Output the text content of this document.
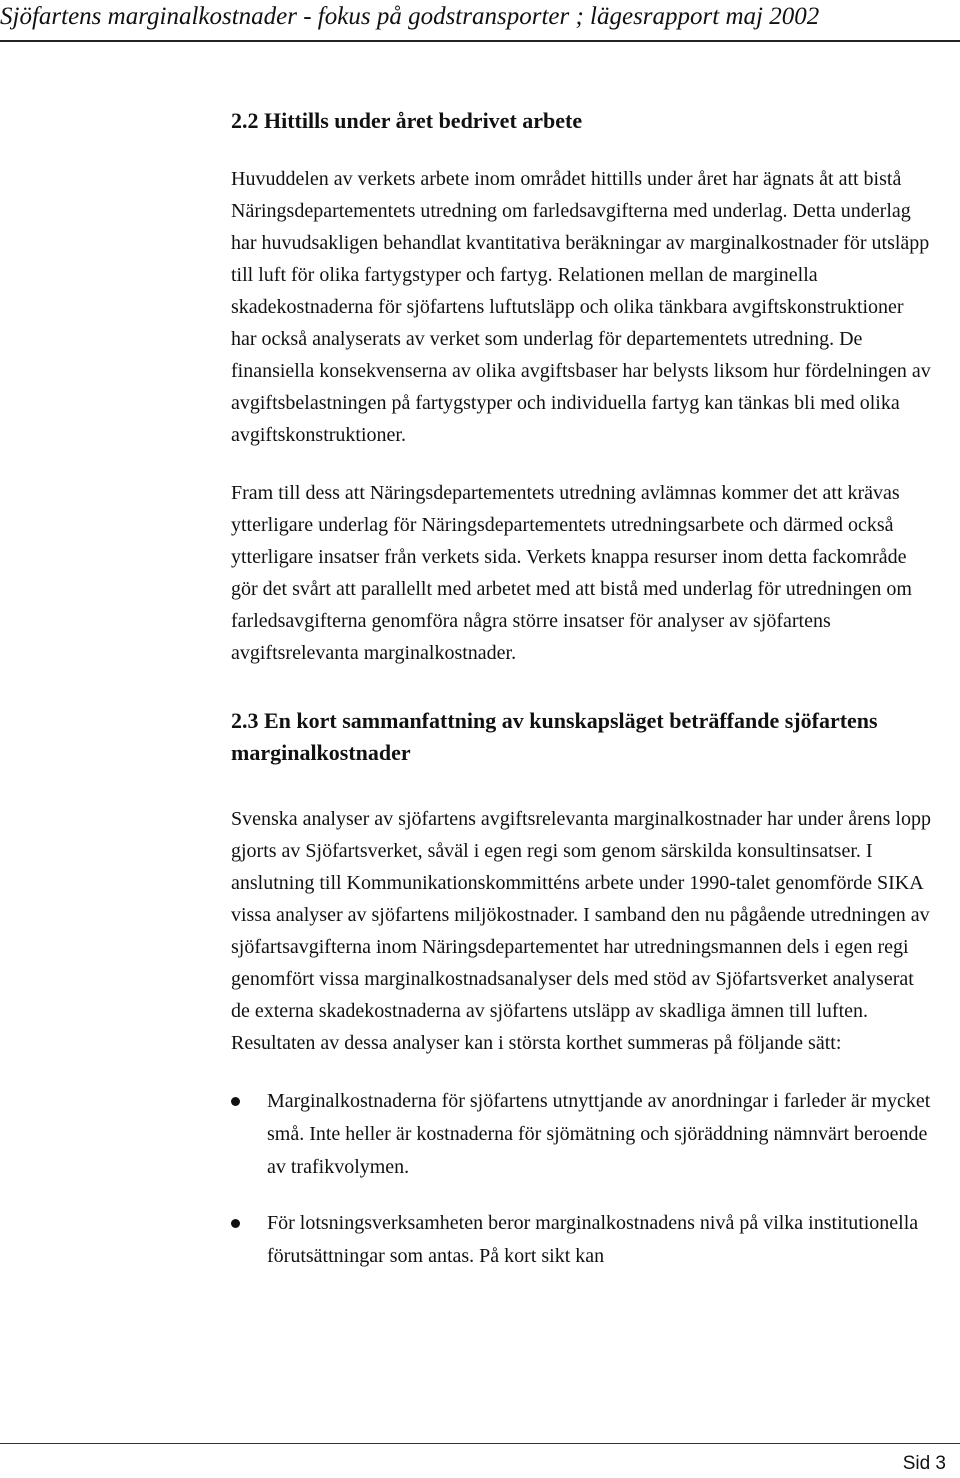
Sjöfartens marginalkostnader - fokus på godstransporter ; lägesrapport maj 2002
2.2 Hittills under året bedrivet arbete

Huvuddelen av verkets arbete inom området hittills under året har ägnats åt att bistå Näringsdepartementets utredning om farledsavgifterna med underlag. Detta underlag har huvudsakligen behandlat kvantitativa beräkningar av marginalkostnader för utsläpp till luft för olika fartygstyper och fartyg. Relationen mellan de marginella skadekostnaderna för sjöfartens luftutsläpp och olika tänkbara avgiftskonstruktioner har också analyserats av verket som underlag för departementets utredning. De finansiella konsekvenserna av olika avgiftsbaser har belysts liksom hur fördelningen av avgiftsbelastningen på fartygstyper och individuella fartyg kan tänkas bli med olika avgiftskonstruktioner.

Fram till dess att Näringsdepartementets utredning avlämnas kommer det att krävas ytterligare underlag för Näringsdepartementets utredningsarbete och därmed också ytterligare insatser från verkets sida. Verkets knappa resurser inom detta fackområde gör det svårt att parallellt med arbetet med att bistå med underlag för utredningen om farledsavgifterna genomföra några större insatser för analyser av sjöfartens avgiftsrelevanta marginalkostnader.

2.3 En kort sammanfattning av kunskapsläget beträffande sjöfartens marginalkostnader

Svenska analyser av sjöfartens avgiftsrelevanta marginalkostnader har under årens lopp gjorts av Sjöfartsverket, såväl i egen regi som genom särskilda konsultinsatser. I anslutning till Kommunikationskommitténs arbete under 1990-talet genomförde SIKA vissa analyser av sjöfartens miljökostnader. I samband den nu pågående utredningen av sjöfartsavgifterna inom Näringsdepartementet har utredningsmannen dels i egen regi genomfört vissa marginalkostnadsanalyser dels med stöd av Sjöfartsverket analyserat de externa skadekostnaderna av sjöfartens utsläpp av skadliga ämnen till luften. Resultaten av dessa analyser kan i största korthet summeras på följande sätt:

Marginalkostnaderna för sjöfartens utnyttjande av anordningar i farleder är mycket små. Inte heller är kostnaderna för sjömätning och sjöräddning nämnvärt beroende av trafikvolymen.
För lotsningsverksamheten beror marginalkostnadens nivå på vilka institutionella förutsättningar som antas. På kort sikt kan
Sid 3
